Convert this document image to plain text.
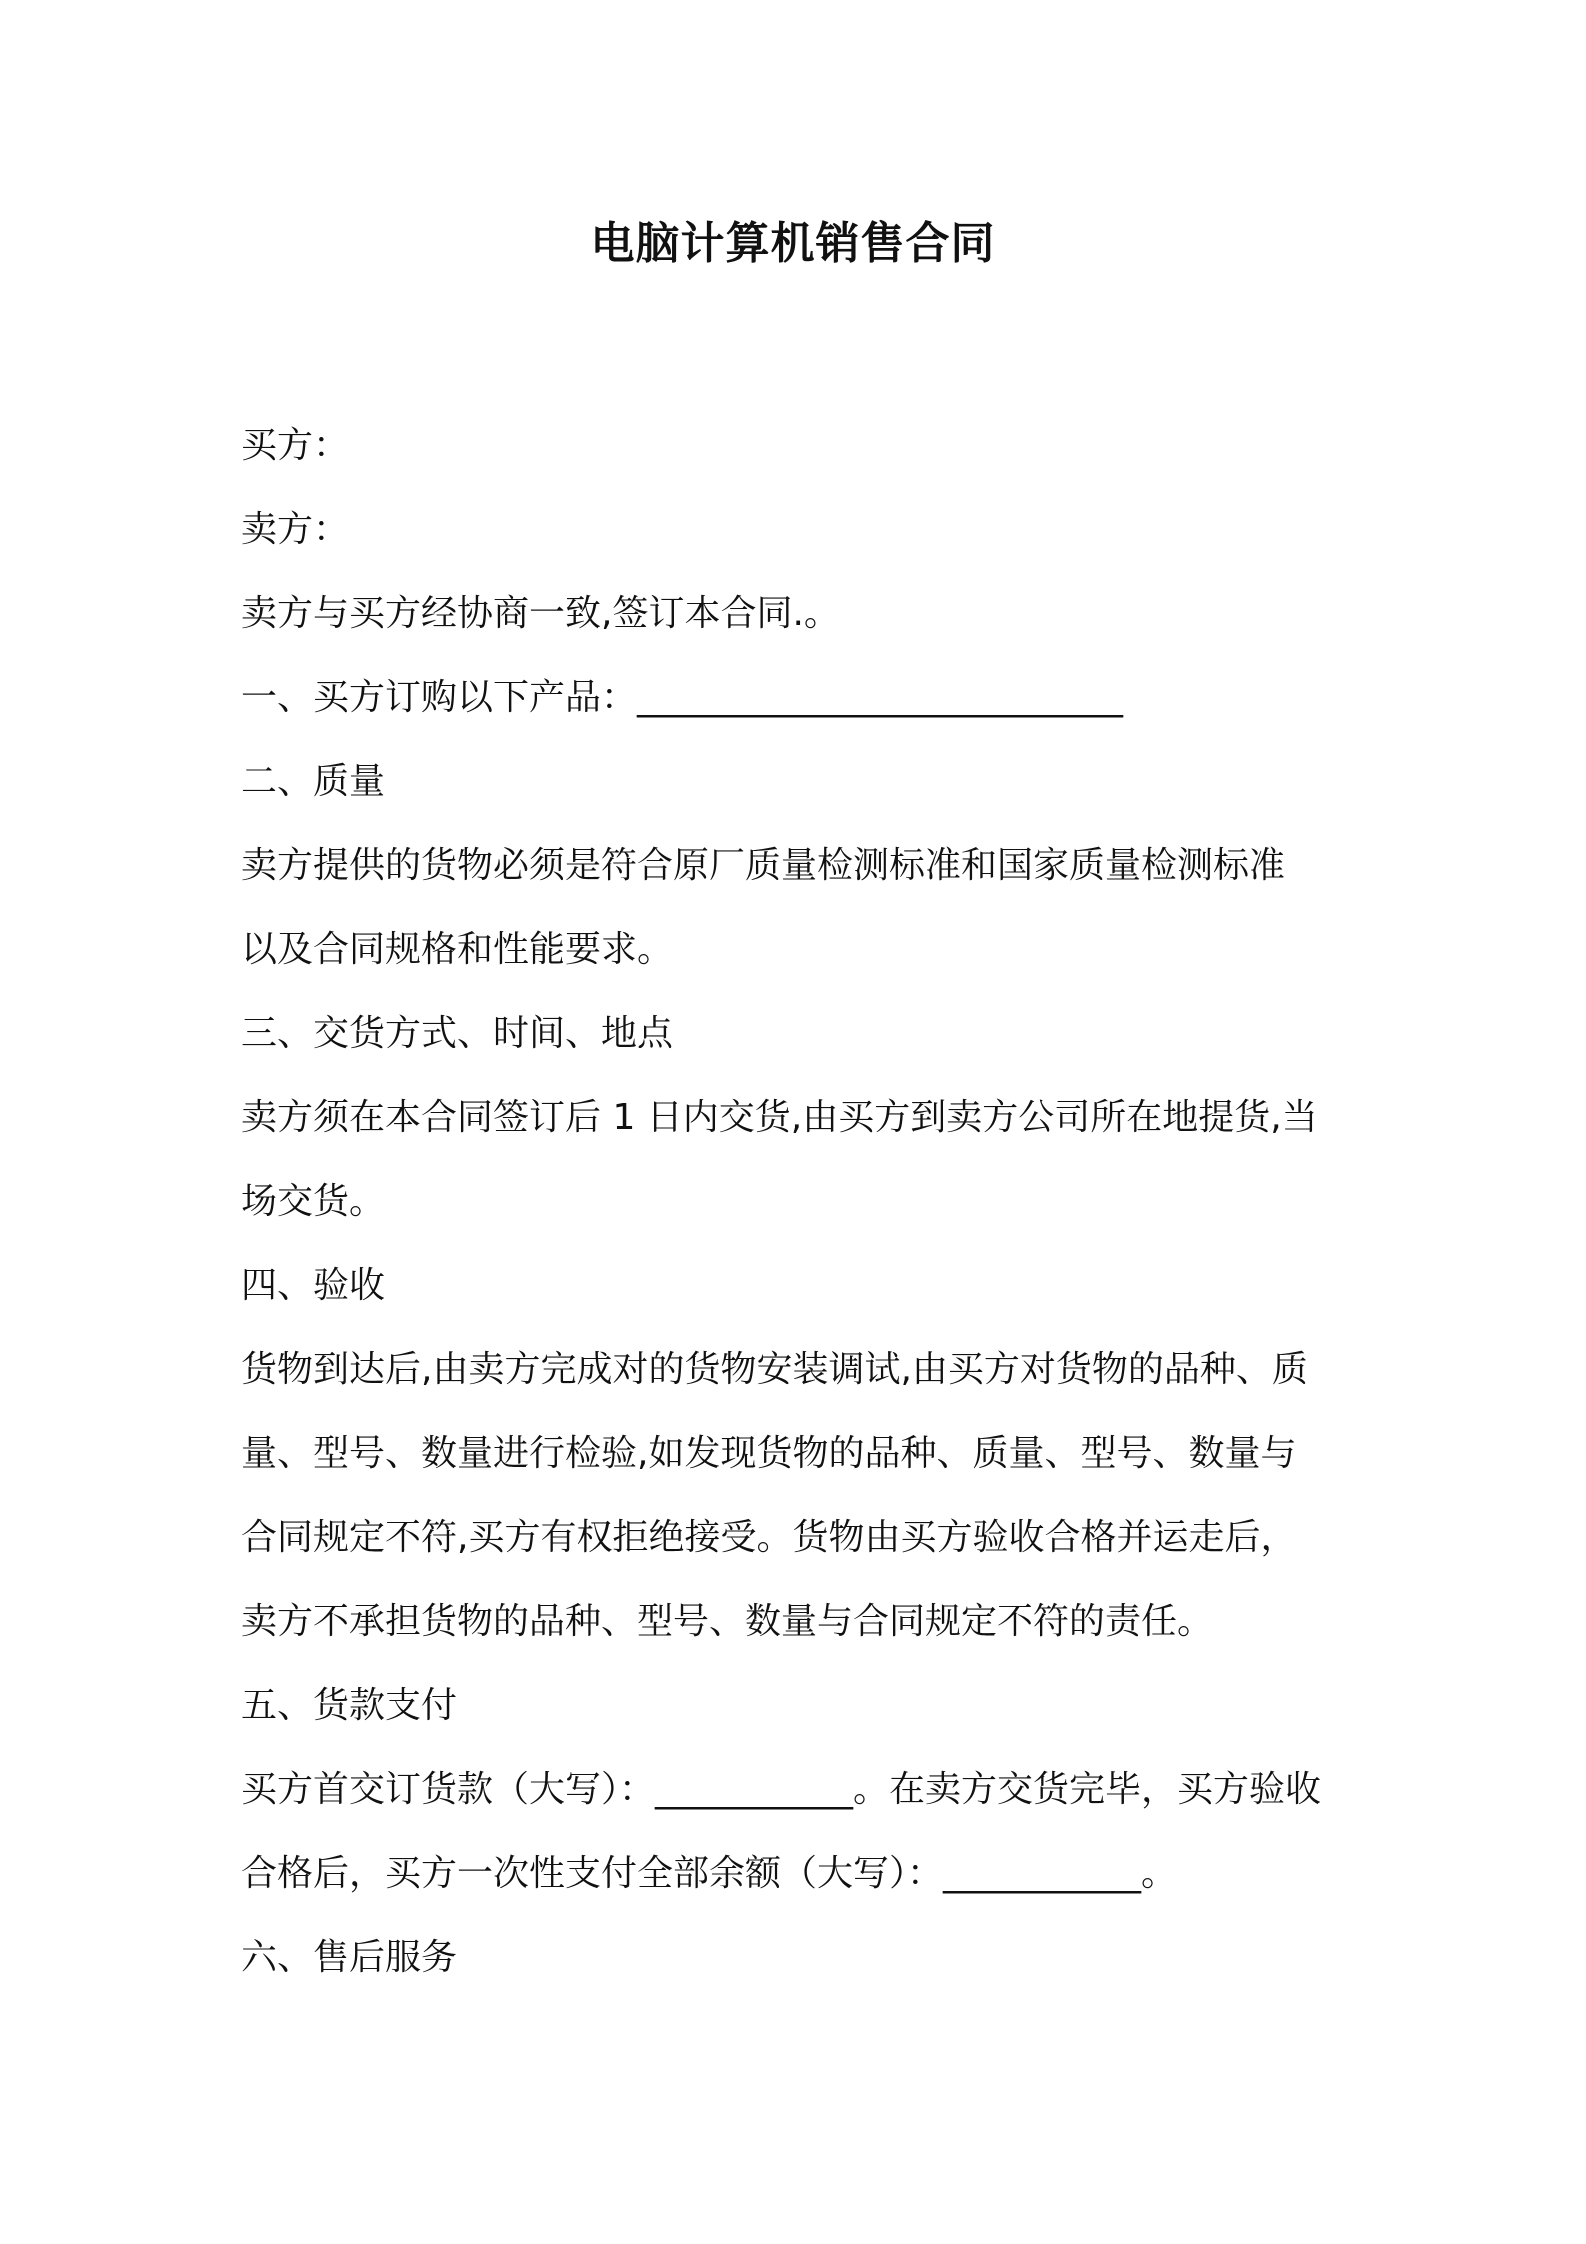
电脑计算机销售合同

买方：

卖方：

卖方与买方经协商一致,签订本合同.。

一、买方订购以下产品：___________________________

二、质量

卖方提供的货物必须是符合原厂质量检测标准和国家质量检测标准

以及合同规格和性能要求。

三、交货方式、时间、地点

卖方须在本合同签订后 1 日内交货,由买方到卖方公司所在地提货,当

场交货。

四、验收

货物到达后,由卖方完成对的货物安装调试,由买方对货物的品种、质

量、型号、数量进行检验,如发现货物的品种、质量、型号、数量与

合同规定不符,买方有权拒绝接受。货物由买方验收合格并运走后，

卖方不承担货物的品种、型号、数量与合同规定不符的责任。

五、货款支付

买方首交订货款（大写）：___________。在卖方交货完毕，买方验收

合格后，买方一次性支付全部余额（大写）：___________。

六、售后服务
